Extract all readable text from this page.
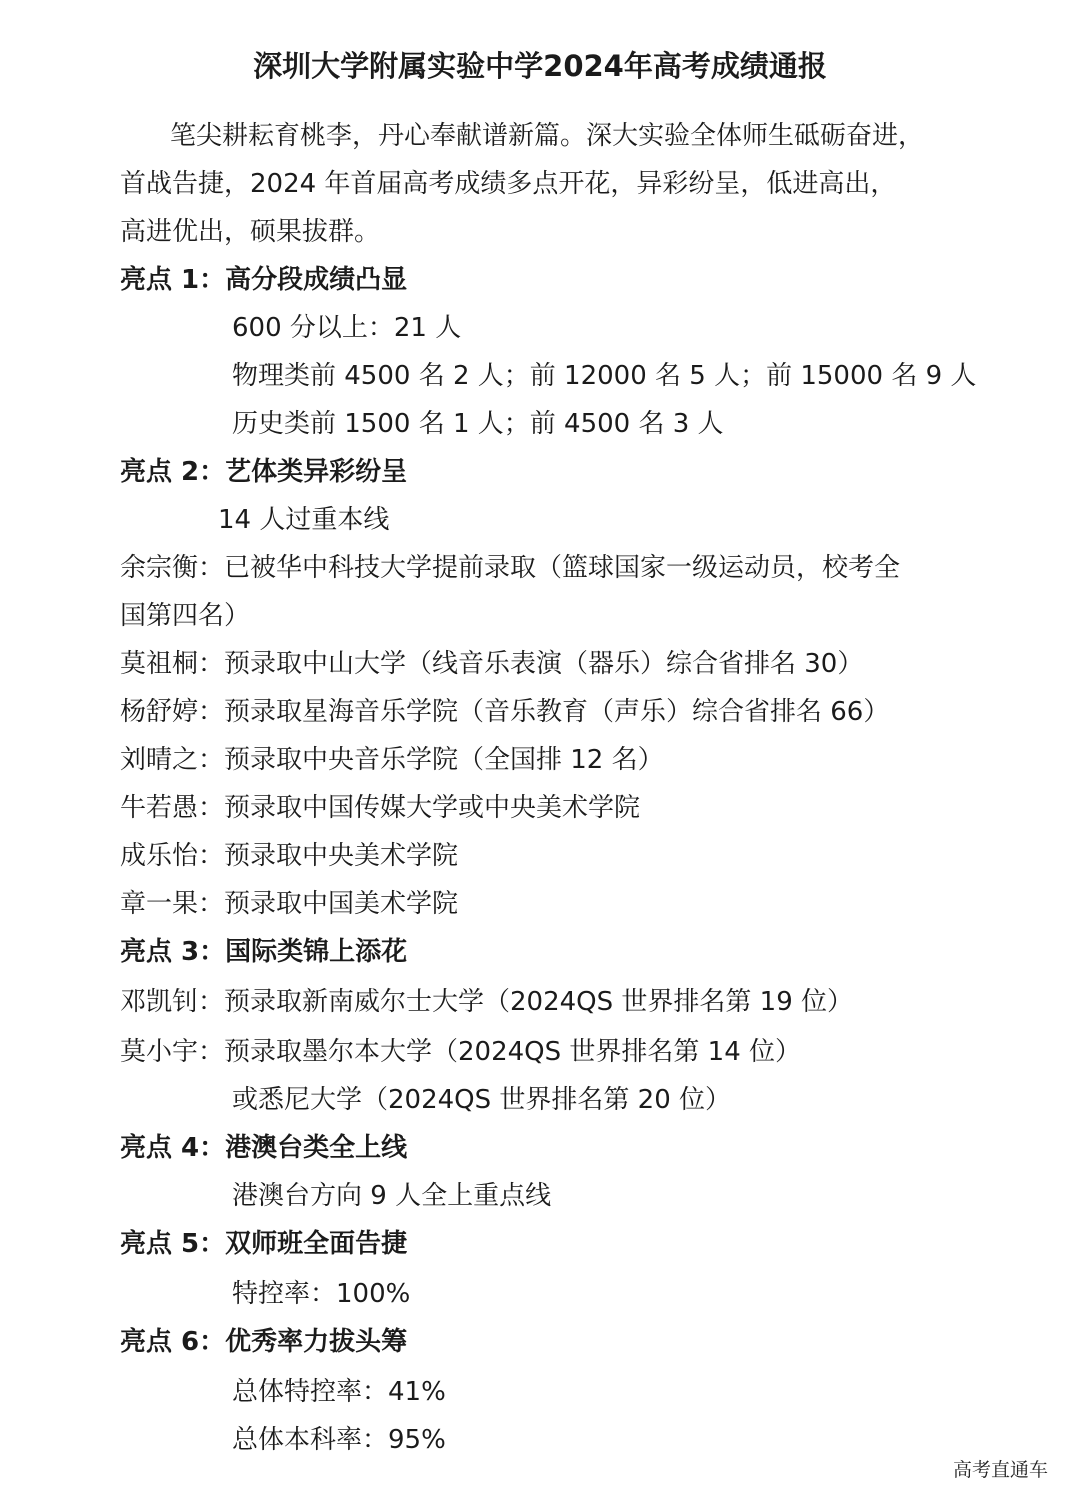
深圳大学附属实验中学2024年高考成绩通报
笔尖耕耘育桃李，丹心奉献谱新篇。深大实验全体师生砥砺奋进，
首战告捷，2024 年首届高考成绩多点开花，异彩纷呈，低进高出，
高进优出，硕果拔群。
亮点 1：高分段成绩凸显
600 分以上：21 人
物理类前 4500 名 2 人；前 12000 名 5 人；前 15000 名 9 人
历史类前 1500 名 1 人；前 4500 名 3 人
亮点 2：艺体类异彩纷呈
14 人过重本线
余宗衡：已被华中科技大学提前录取（篮球国家一级运动员，校考全
国第四名）
莫祖桐：预录取中山大学（线音乐表演（器乐）综合省排名 30）
杨舒婷：预录取星海音乐学院（音乐教育（声乐）综合省排名 66）
刘晴之：预录取中央音乐学院（全国排 12 名）
牛若愚：预录取中国传媒大学或中央美术学院
成乐怡：预录取中央美术学院
章一果：预录取中国美术学院
亮点 3：国际类锦上添花
邓凯钊：预录取新南威尔士大学（2024QS 世界排名第 19 位）
莫小宇：预录取墨尔本大学（2024QS 世界排名第 14 位）
或悉尼大学（2024QS 世界排名第 20 位）
亮点 4：港澳台类全上线
港澳台方向 9 人全上重点线
亮点 5：双师班全面告捷
特控率：100%
亮点 6：优秀率力拔头筹
总体特控率：41%
总体本科率：95%
高考直通车
